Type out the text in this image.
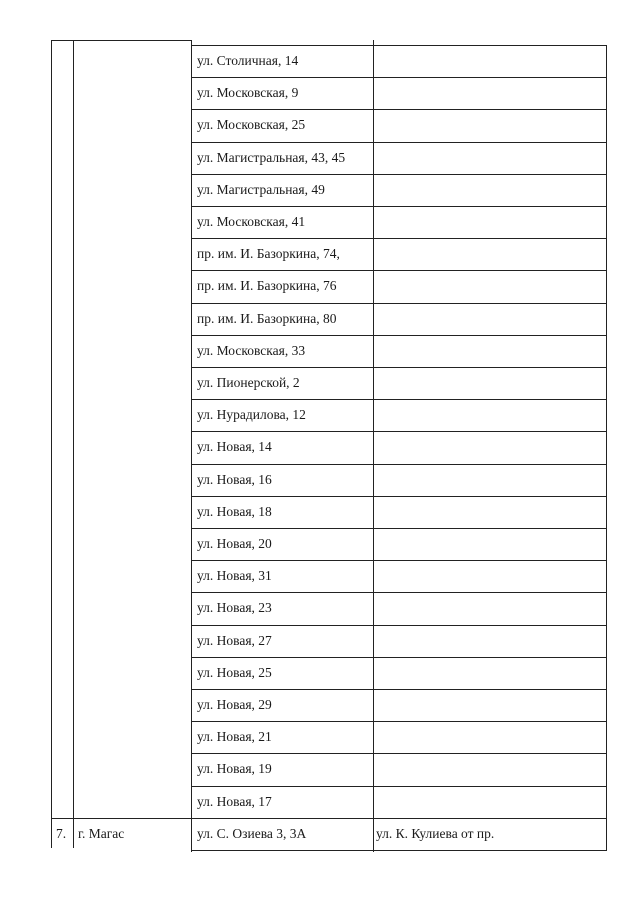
ул. Столичная, 14
ул. Московская, 9
ул. Московская, 25
ул. Магистральная, 43, 45
ул. Магистральная, 49
ул. Московская, 41
пр. им. И. Базоркина, 74,
пр. им. И. Базоркина, 76
пр. им. И. Базоркина, 80
ул. Московская, 33
ул. Пионерской, 2
ул. Нурадилова, 12
ул. Новая, 14
ул. Новая, 16
ул. Новая, 18
ул. Новая, 20
ул. Новая, 31
ул. Новая, 23
ул. Новая, 27
ул. Новая, 25
ул. Новая, 29
ул. Новая, 21
ул. Новая, 19
ул. Новая, 17
7. г. Магас	ул. С. Озиева 3, 3А	ул. К. Кулиева от пр.
